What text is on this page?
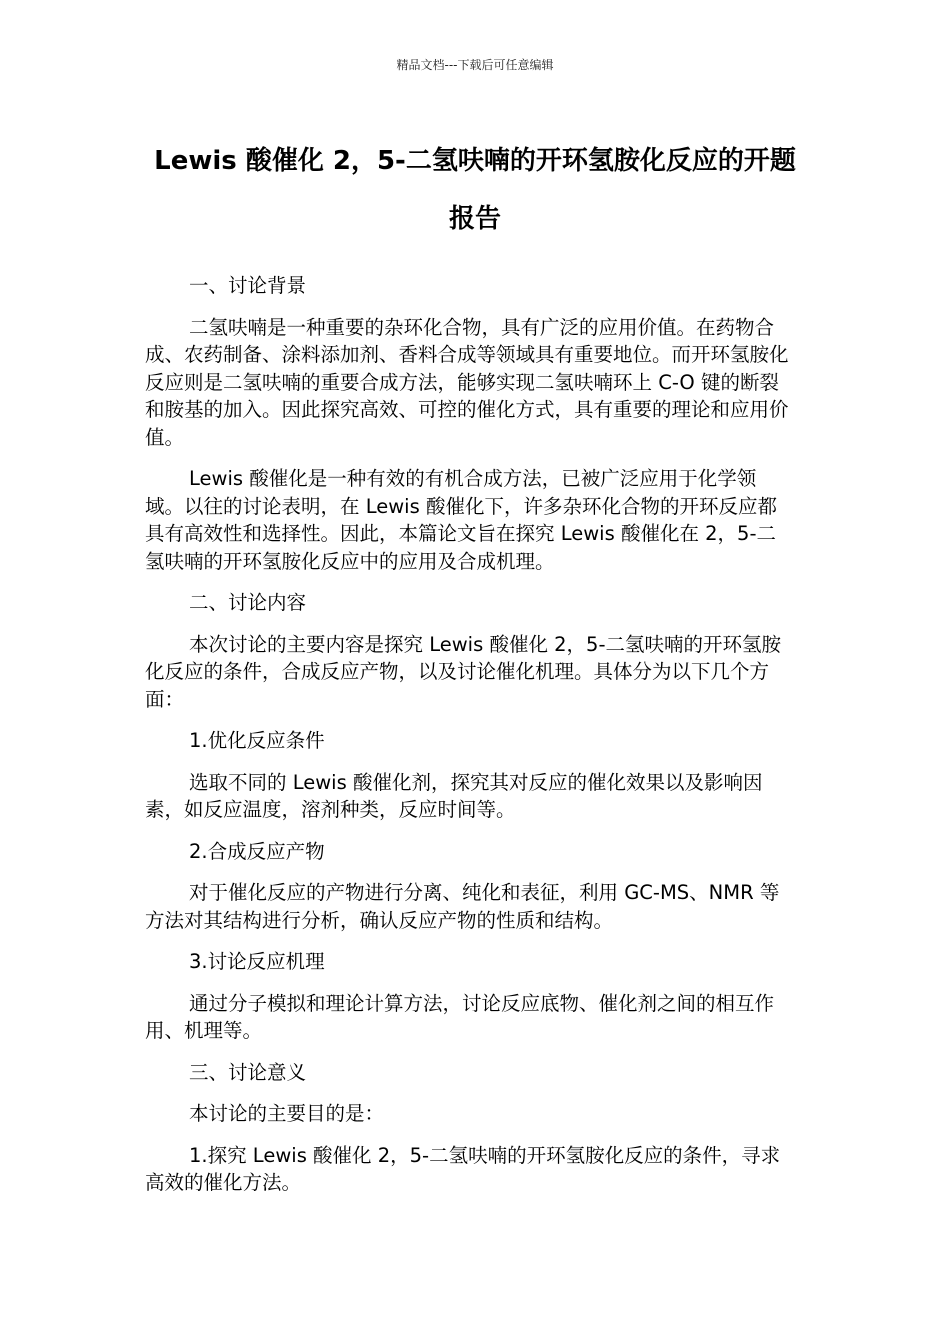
精品文档---下载后可任意编辑
Lewis 酸催化 2，5-二氢呋喃的开环氢胺化反应的开题报告

一、讨论背景

二氢呋喃是一种重要的杂环化合物，具有广泛的应用价值。在药物合成、农药制备、涂料添加剂、香料合成等领域具有重要地位。而开环氢胺化反应则是二氢呋喃的重要合成方法，能够实现二氢呋喃环上 C-O 键的断裂和胺基的加入。因此探究高效、可控的催化方式，具有重要的理论和应用价值。

Lewis 酸催化是一种有效的有机合成方法，已被广泛应用于化学领域。以往的讨论表明，在 Lewis 酸催化下，许多杂环化合物的开环反应都具有高效性和选择性。因此，本篇论文旨在探究 Lewis 酸催化在 2，5-二氢呋喃的开环氢胺化反应中的应用及合成机理。

二、讨论内容

本次讨论的主要内容是探究 Lewis 酸催化 2，5-二氢呋喃的开环氢胺化反应的条件，合成反应产物，以及讨论催化机理。具体分为以下几个方面：

1.优化反应条件

选取不同的 Lewis 酸催化剂，探究其对反应的催化效果以及影响因素，如反应温度，溶剂种类，反应时间等。

2.合成反应产物

对于催化反应的产物进行分离、纯化和表征，利用 GC-MS、NMR 等方法对其结构进行分析，确认反应产物的性质和结构。

3.讨论反应机理

通过分子模拟和理论计算方法，讨论反应底物、催化剂之间的相互作用、机理等。

三、讨论意义

本讨论的主要目的是：

1.探究 Lewis 酸催化 2，5-二氢呋喃的开环氢胺化反应的条件，寻求高效的催化方法。
